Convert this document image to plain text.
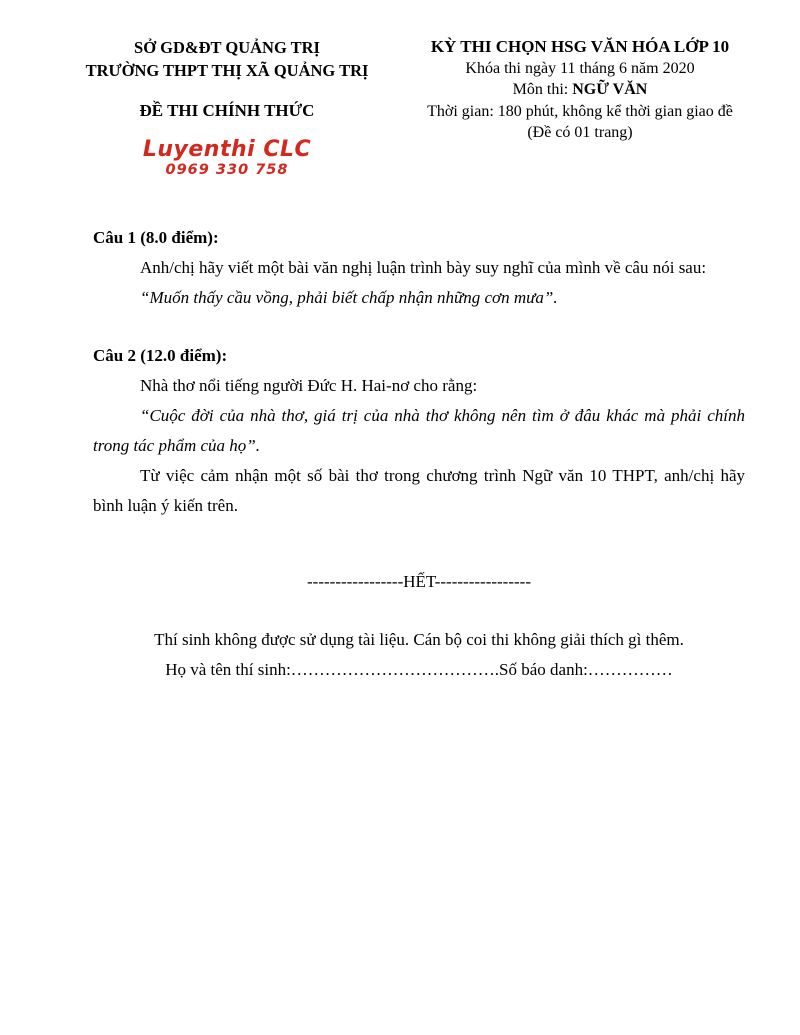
SỞ GD&ĐT QUẢNG TRỊ
TRƯỜNG THPT THỊ XÃ QUẢNG TRỊ
ĐỀ THI CHÍNH THỨC
Luyenthi CLC
0969 330 758
KỲ THI CHỌN HSG VĂN HÓA LỚP 10
Khóa thi ngày 11 tháng 6 năm 2020
Môn thi: NGỮ VĂN
Thời gian: 180 phút, không kể thời gian giao đề
(Đề có 01 trang)
Câu 1 (8.0 điểm):

Anh/chị hãy viết một bài văn nghị luận trình bày suy nghĩ của mình về câu nói sau:

“Muốn thấy cầu vồng, phải biết chấp nhận những cơn mưa”.

Câu 2 (12.0 điểm):

Nhà thơ nổi tiếng người Đức H. Hai-nơ cho rằng:

“Cuộc đời của nhà thơ, giá trị của nhà thơ không nên tìm ở đâu khác mà phải chính trong tác phẩm của họ”.

Từ việc cảm nhận một số bài thơ trong chương trình Ngữ văn 10 THPT, anh/chị hãy bình luận ý kiến trên.

-----------------HẾT-----------------
Thí sinh không được sử dụng tài liệu. Cán bộ coi thi không giải thích gì thêm.
Họ và tên thí sinh:……………………………….Số báo danh:……………
